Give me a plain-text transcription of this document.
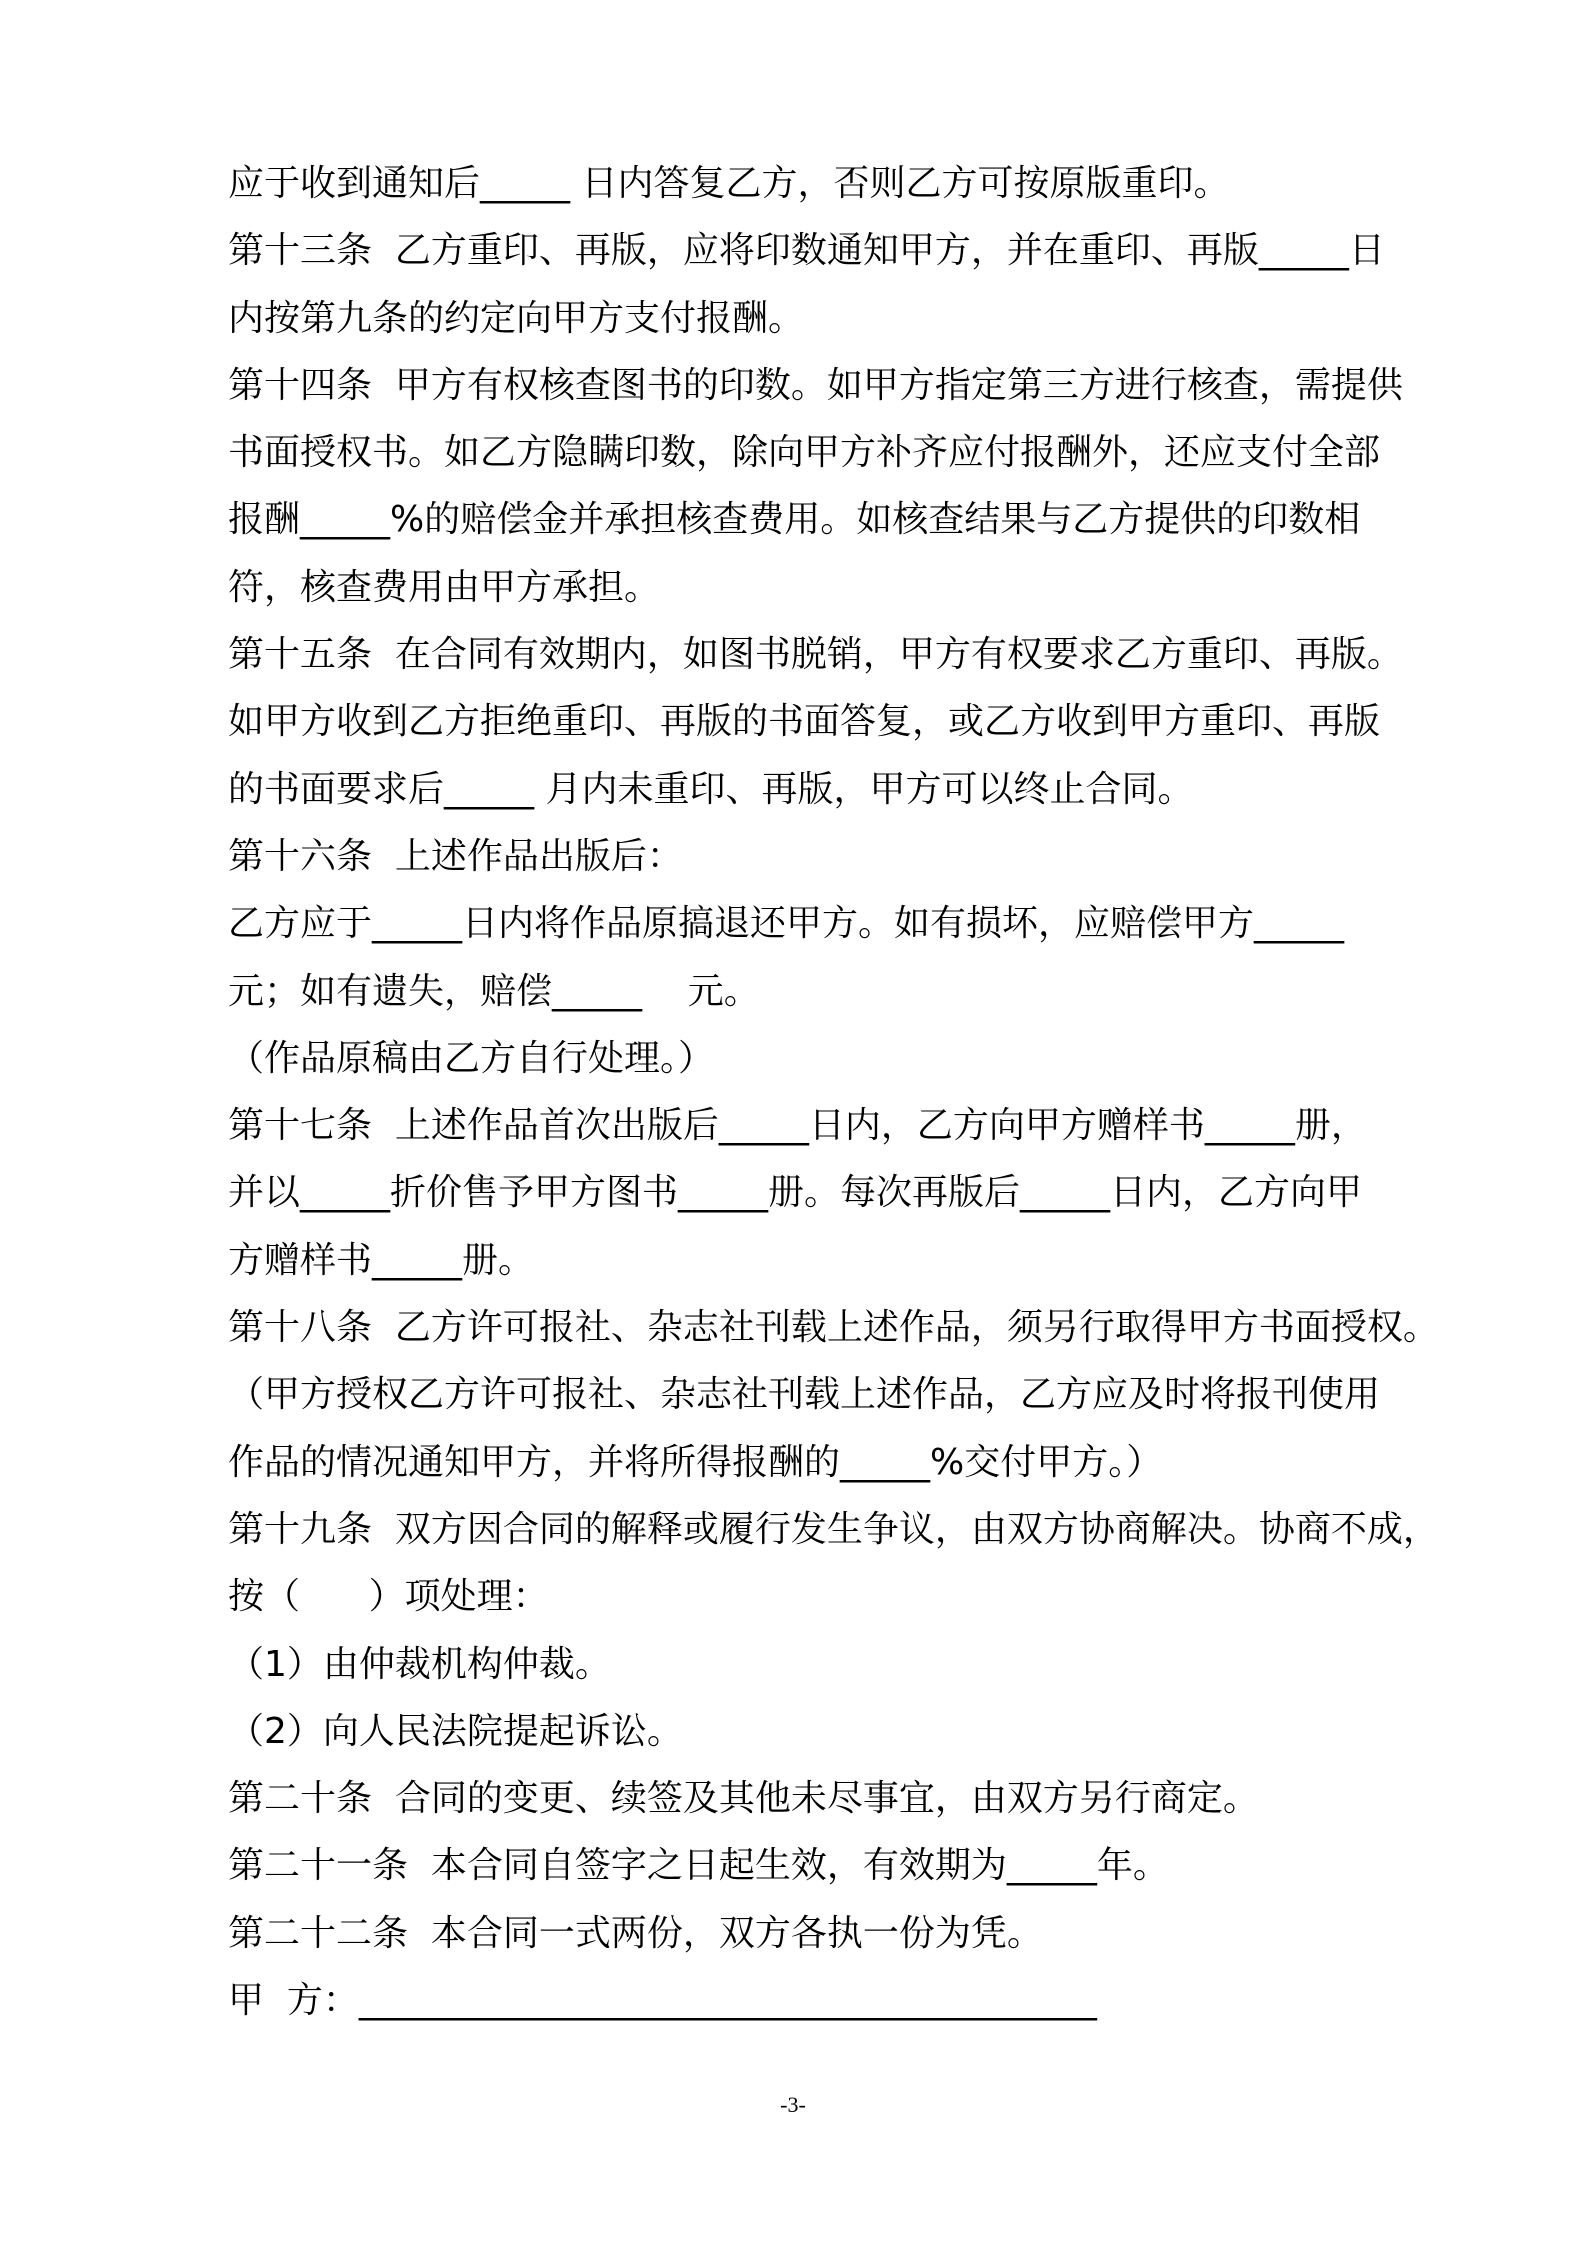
应于收到通知后_____ 日内答复乙方，否则乙方可按原版重印。
第十三条  乙方重印、再版，应将印数通知甲方，并在重印、再版_____日
内按第九条的约定向甲方支付报酬。
第十四条  甲方有权核查图书的印数。如甲方指定第三方进行核查，需提供
书面授权书。如乙方隐瞒印数，除向甲方补齐应付报酬外，还应支付全部
报酬_____%的赔偿金并承担核查费用。如核查结果与乙方提供的印数相
符，核查费用由甲方承担。
第十五条  在合同有效期内，如图书脱销，甲方有权要求乙方重印、再版。
如甲方收到乙方拒绝重印、再版的书面答复，或乙方收到甲方重印、再版
的书面要求后_____ 月内未重印、再版，甲方可以终止合同。
第十六条  上述作品出版后：
乙方应于_____日内将作品原搞退还甲方。如有损坏，应赔偿甲方_____
元；如有遗失，赔偿_____    元。
（作品原稿由乙方自行处理。）
第十七条  上述作品首次出版后_____日内，乙方向甲方赠样书_____册，
并以_____折价售予甲方图书_____册。每次再版后_____日内，乙方向甲
方赠样书_____册。
第十八条  乙方许可报社、杂志社刊载上述作品，须另行取得甲方书面授权。
（甲方授权乙方许可报社、杂志社刊载上述作品，乙方应及时将报刊使用
作品的情况通知甲方，并将所得报酬的_____%交付甲方。）
第十九条  双方因合同的解释或履行发生争议，由双方协商解决。协商不成，
按（      ）项处理：
（1）由仲裁机构仲裁。
（2）向人民法院提起诉讼。
第二十条  合同的变更、续签及其他未尽事宜，由双方另行商定。
第二十一条  本合同自签字之日起生效，有效期为_____年。
第二十二条  本合同一式两份，双方各执一份为凭。
甲  方：_________________________________________
-3-
